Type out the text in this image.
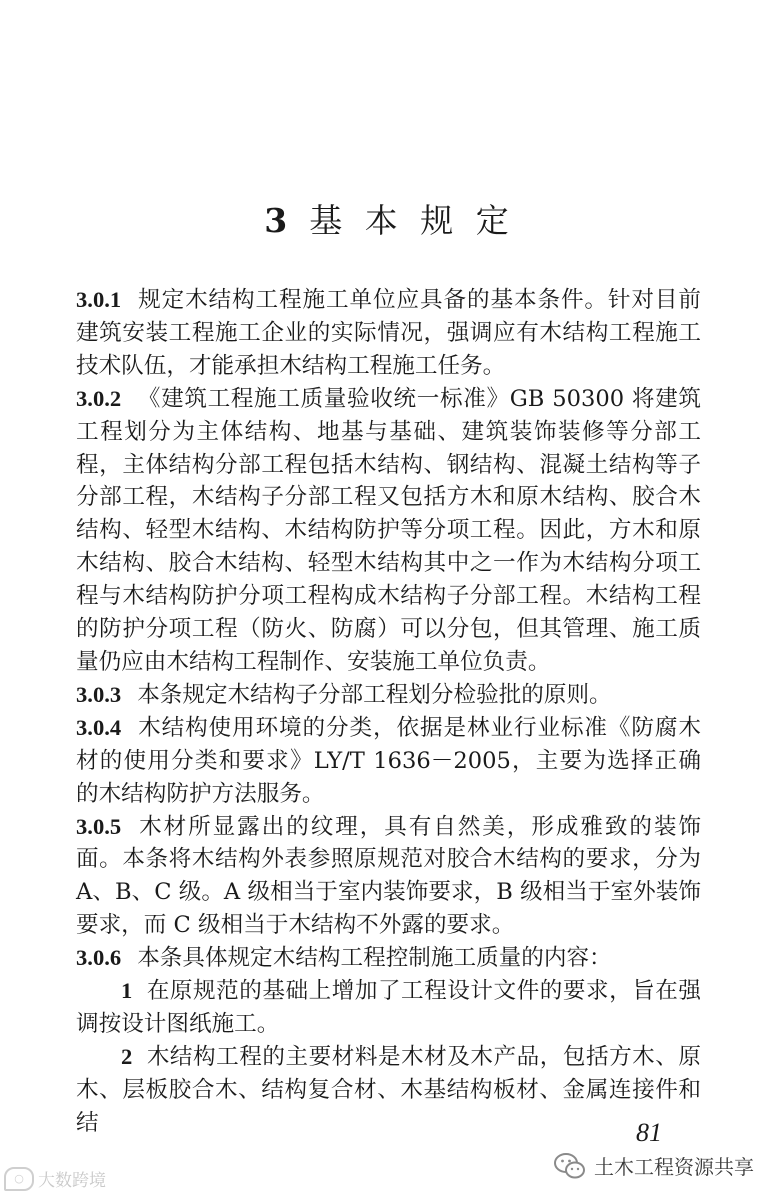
3 基 本 规 定

3.0.1 规定木结构工程施工单位应具备的基本条件。针对目前建筑安装工程施工企业的实际情况，强调应有木结构工程施工技术队伍，才能承担木结构工程施工任务。

3.0.2 《建筑工程施工质量验收统一标准》GB 50300 将建筑工程划分为主体结构、地基与基础、建筑装饰装修等分部工程，主体结构分部工程包括木结构、钢结构、混凝土结构等子分部工程，木结构子分部工程又包括方木和原木结构、胶合木结构、轻型木结构、木结构防护等分项工程。因此，方木和原木结构、胶合木结构、轻型木结构其中之一作为木结构分项工程与木结构防护分项工程构成木结构子分部工程。木结构工程的防护分项工程（防火、防腐）可以分包，但其管理、施工质量仍应由木结构工程制作、安装施工单位负责。

3.0.3 本条规定木结构子分部工程划分检验批的原则。

3.0.4 木结构使用环境的分类，依据是林业行业标准《防腐木材的使用分类和要求》LY/T 1636－2005，主要为选择正确的木结构防护方法服务。

3.0.5 木材所显露出的纹理，具有自然美，形成雅致的装饰面。本条将木结构外表参照原规范对胶合木结构的要求，分为 A、B、C 级。A 级相当于室内装饰要求，B 级相当于室外装饰要求，而 C 级相当于木结构不外露的要求。

3.0.6 本条具体规定木结构工程控制施工质量的内容：

1 在原规范的基础上增加了工程设计文件的要求，旨在强调按设计图纸施工。

2 木结构工程的主要材料是木材及木产品，包括方木、原木、层板胶合木、结构复合材、木基结构板材、金属连接件和结	81
○ 大数跨境
土木工程资源共享
